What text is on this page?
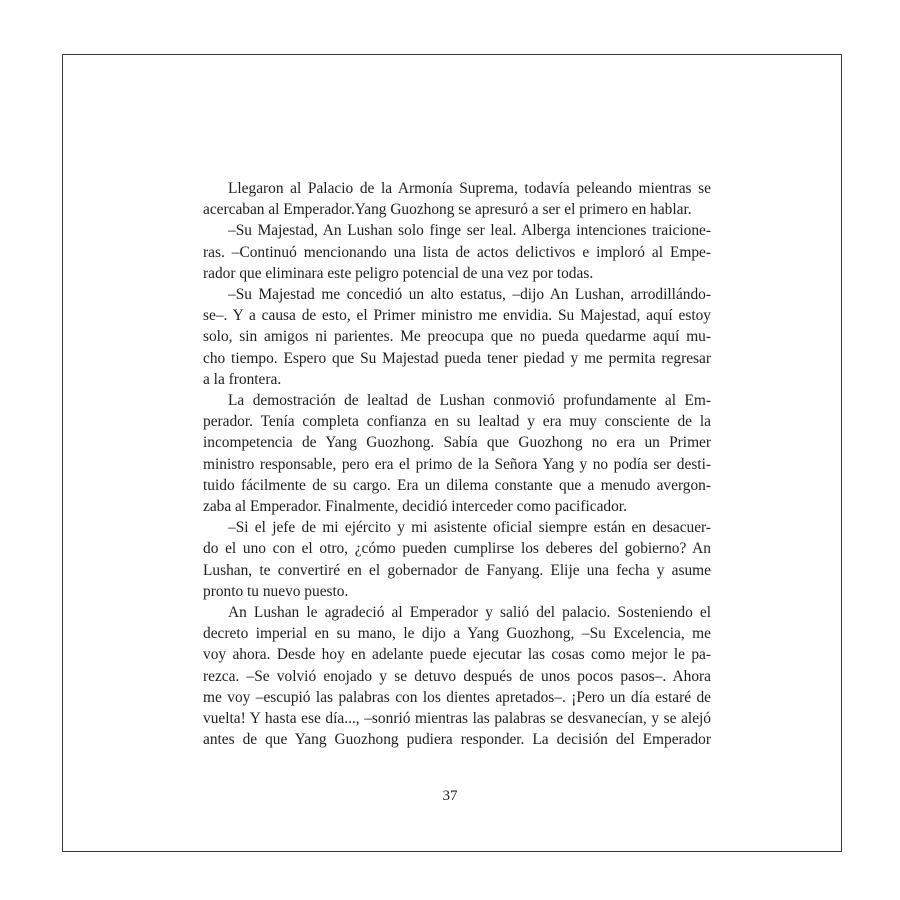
Llegaron al Palacio de la Armonía Suprema, todavía peleando mientras se
acercaban al Emperador.Yang Guozhong se apresuró a ser el primero en hablar.
–Su Majestad, An Lushan solo finge ser leal. Alberga intenciones traicione-
ras. –Continuó mencionando una lista de actos delictivos e imploró al Empe-
rador que eliminara este peligro potencial de una vez por todas.
–Su Majestad me concedió un alto estatus, –dijo An Lushan, arrodillándo-
se–. Y a causa de esto, el Primer ministro me envidia. Su Majestad, aquí estoy
solo, sin amigos ni parientes. Me preocupa que no pueda quedarme aquí mu-
cho tiempo. Espero que Su Majestad pueda tener piedad y me permita regresar
a la frontera.
La demostración de lealtad de Lushan conmovió profundamente al Em-
perador. Tenía completa confianza en su lealtad y era muy consciente de la
incompetencia de Yang Guozhong. Sabía que Guozhong no era un Primer
ministro responsable, pero era el primo de la Señora Yang y no podía ser desti-
tuido fácilmente de su cargo. Era un dilema constante que a menudo avergon-
zaba al Emperador. Finalmente, decidió interceder como pacificador.
–Si el jefe de mi ejército y mi asistente oficial siempre están en desacuer-
do el uno con el otro, ¿cómo pueden cumplirse los deberes del gobierno? An
Lushan, te convertiré en el gobernador de Fanyang. Elije una fecha y asume
pronto tu nuevo puesto.
An Lushan le agradeció al Emperador y salió del palacio. Sosteniendo el
decreto imperial en su mano, le dijo a Yang Guozhong, –Su Excelencia, me
voy ahora. Desde hoy en adelante puede ejecutar las cosas como mejor le pa-
rezca. –Se volvió enojado y se detuvo después de unos pocos pasos–. Ahora
me voy –escupió las palabras con los dientes apretados–. ¡Pero un día estaré de
vuelta! Y hasta ese día..., –sonrió mientras las palabras se desvanecían, y se alejó
antes de que Yang Guozhong pudiera responder. La decisión del Emperador
37
